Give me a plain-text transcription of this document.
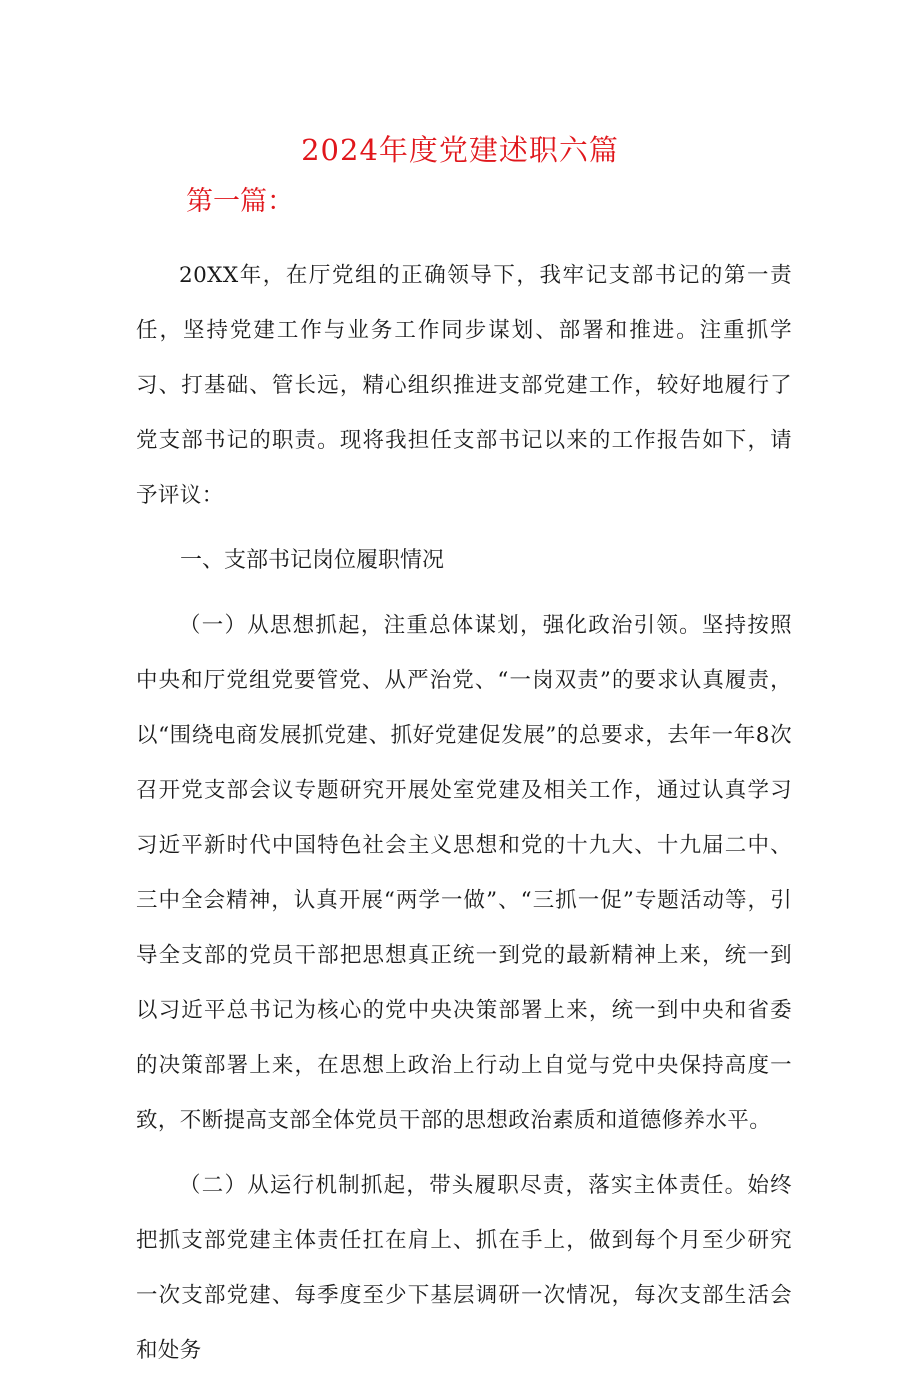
2024年度党建述职六篇
第一篇：

20XX年，在厅党组的正确领导下，我牢记支部书记的第一责任，坚持党建工作与业务工作同步谋划、部署和推进。注重抓学习、打基础、管长远，精心组织推进支部党建工作，较好地履行了党支部书记的职责。现将我担任支部书记以来的工作报告如下，请予评议：

一、支部书记岗位履职情况

（一）从思想抓起，注重总体谋划，强化政治引领。坚持按照中央和厅党组党要管党、从严治党、“一岗双责”的要求认真履责，以“围绕电商发展抓党建、抓好党建促发展”的总要求，去年一年8次召开党支部会议专题研究开展处室党建及相关工作，通过认真学习习近平新时代中国特色社会主义思想和党的十九大、十九届二中、三中全会精神，认真开展“两学一做”、“三抓一促”专题活动等，引导全支部的党员干部把思想真正统一到党的最新精神上来，统一到以习近平总书记为核心的党中央决策部署上来，统一到中央和省委的决策部署上来，在思想上政治上行动上自觉与党中央保持高度一致，不断提高支部全体党员干部的思想政治素质和道德修养水平。

（二）从运行机制抓起，带头履职尽责，落实主体责任。始终把抓支部党建主体责任扛在肩上、抓在手上，做到每个月至少研究一次支部党建、每季度至少下基层调研一次情况，每次支部生活会和处务
